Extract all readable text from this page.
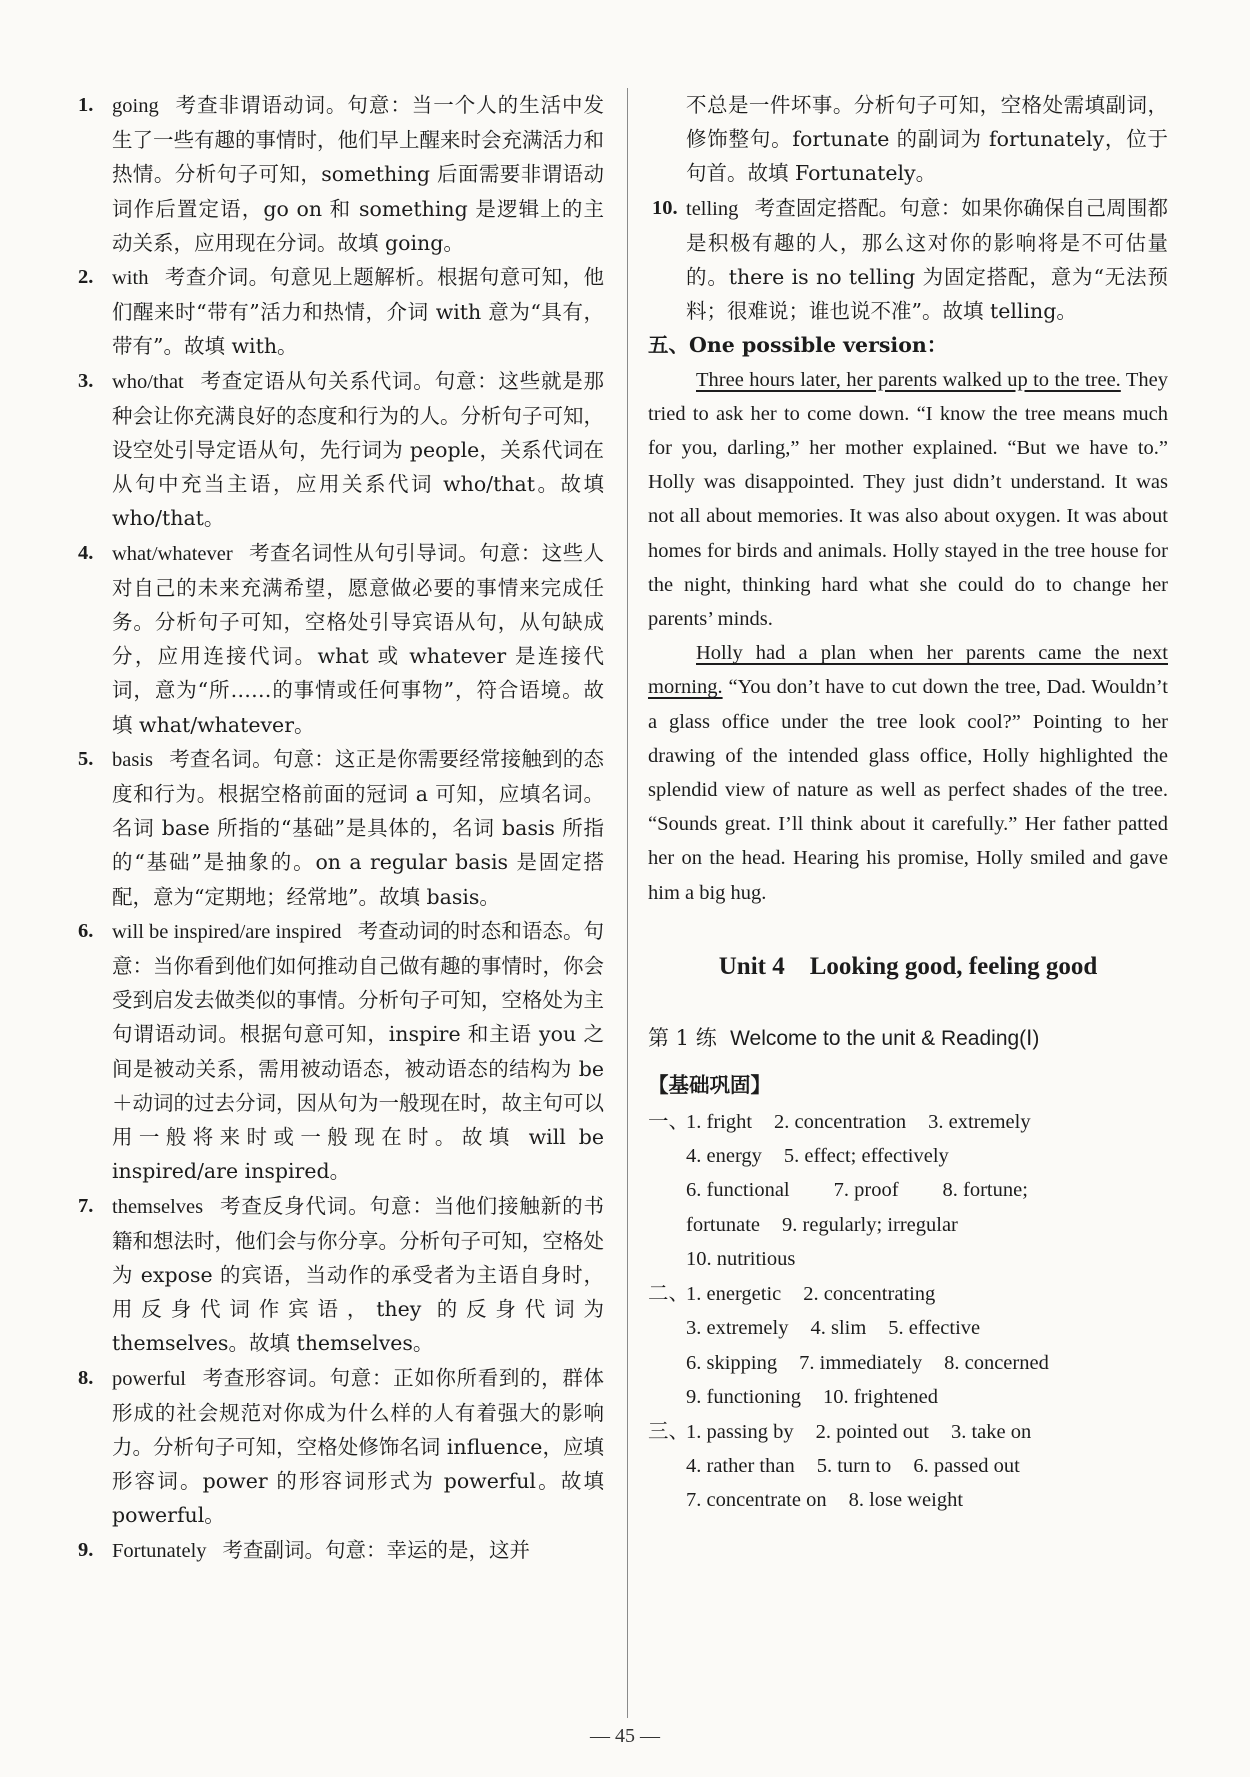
1. going 考查非谓语动词。句意：当一个人的生活中发生了一些有趣的事情时，他们早上醒来时会充满活力和热情。分析句子可知，something 后面需要非谓语动词作后置定语，go on 和 something 是逻辑上的主动关系，应用现在分词。故填 going。

2. with 考查介词。句意见上题解析。根据句意可知，他们醒来时“带有”活力和热情，介词 with 意为“具有，带有”。故填 with。

3. who/that 考查定语从句关系代词。句意：这些就是那种会让你充满良好的态度和行为的人。分析句子可知，设空处引导定语从句，先行词为 people，关系代词在从句中充当主语，应用关系代词 who/that。故填 who/that。

4. what/whatever 考查名词性从句引导词。句意：这些人对自己的未来充满希望，愿意做必要的事情来完成任务。分析句子可知，空格处引导宾语从句，从句缺成分，应用连接代词。what 或 whatever 是连接代词，意为“所……的事情或任何事物”，符合语境。故填 what/whatever。

5. basis 考查名词。句意：这正是你需要经常接触到的态度和行为。根据空格前面的冠词 a 可知，应填名词。名词 base 所指的“基础”是具体的，名词 basis 所指的“基础”是抽象的。on a regular basis 是固定搭配，意为“定期地；经常地”。故填 basis。

6. will be inspired/are inspired 考查动词的时态和语态。句意：当你看到他们如何推动自己做有趣的事情时，你会受到启发去做类似的事情。分析句子可知，空格处为主句谓语动词。根据句意可知，inspire 和主语 you 之间是被动关系，需用被动语态，被动语态的结构为 be＋动词的过去分词，因从句为一般现在时，故主句可以用一般将来时或一般现在时。故填 will be inspired/are inspired。

7. themselves 考查反身代词。句意：当他们接触新的书籍和想法时，他们会与你分享。分析句子可知，空格处为 expose 的宾语，当动作的承受者为主语自身时，用反身代词作宾语，they 的反身代词为 themselves。故填 themselves。

8. powerful 考查形容词。句意：正如你所看到的，群体形成的社会规范对你成为什么样的人有着强大的影响力。分析句子可知，空格处修饰名词 influence，应填形容词。power 的形容词形式为 powerful。故填 powerful。

9. Fortunately 考查副词。句意：幸运的是，这并

不总是一件坏事。分析句子可知，空格处需填副词，修饰整句。fortunate 的副词为 fortunately，位于句首。故填 Fortunately。

10. telling 考查固定搭配。句意：如果你确保自己周围都是积极有趣的人，那么这对你的影响将是不可估量的。there is no telling 为固定搭配，意为“无法预料；很难说；谁也说不准”。故填 telling。

五、One possible version：

Three hours later, her parents walked up to the tree. They tried to ask her to come down. “I know the tree means much for you, darling,” her mother explained. “But we have to.” Holly was disappointed. They just didn’t understand. It was not all about memories. It was also about oxygen. It was about homes for birds and animals. Holly stayed in the tree house for the night, thinking hard what she could do to change her parents’ minds.

Holly had a plan when her parents came the next morning. “You don’t have to cut down the tree, Dad. Wouldn’t a glass office under the tree look cool?” Pointing to her drawing of the intended glass office, Holly highlighted the splendid view of nature as well as perfect shades of the tree. “Sounds great. I’ll think about it carefully.” Her father patted her on the head. Hearing his promise, Holly smiled and gave him a big hug.

Unit 4　Looking good, feeling good

第 1 练 Welcome to the unit & Reading(Ⅰ)

【基础巩固】

一、1. fright 2. concentration 3. extremely

4. energy 5. effect; effectively

6. functional 7. proof 8. fortune;

fortunate 9. regularly; irregular

10. nutritious

二、1. energetic 2. concentrating

3. extremely 4. slim 5. effective

6. skipping 7. immediately 8. concerned

9. functioning 10. frightened

三、1. passing by 2. pointed out 3. take on

4. rather than 5. turn to 6. passed out

7. concentrate on 8. lose weight

— 45 —
